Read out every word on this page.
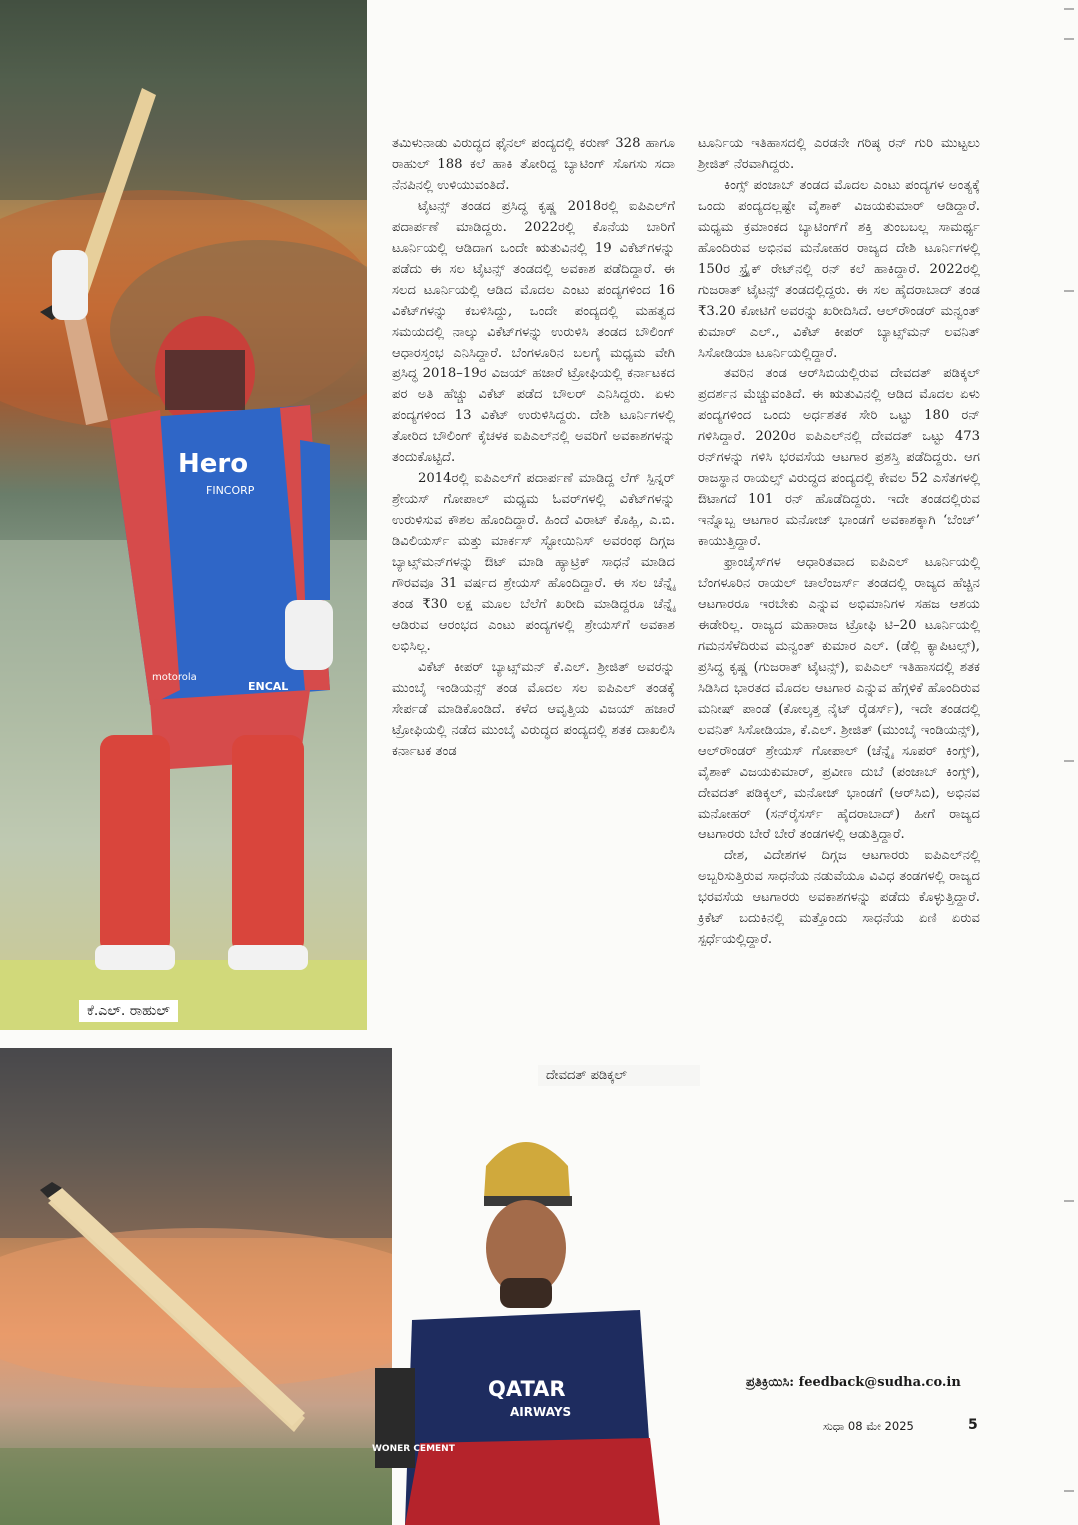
Hero
FINCORP
motorola
ENCAL
ಕೆ.ಎಲ್. ರಾಹುಲ್
QATAR
AIRWAYS
WONER CEMENT
ದೇವದತ್ ಪಡಿಕ್ಕಲ್

ತಮಿಳುನಾಡು ವಿರುದ್ಧದ ಫೈನಲ್ ಪಂದ್ಯದಲ್ಲಿ ಕರುಣ್ 328 ಹಾಗೂ ರಾಹುಲ್ 188 ಕಲೆ ಹಾಕಿ ತೋರಿದ್ದ ಬ್ಯಾಟಿಂಗ್ ಸೊಗಸು ಸದಾ ನೆನಪಿನಲ್ಲಿ ಉಳಿಯುವಂತಿದೆ.

ಟೈಟನ್ಸ್ ತಂಡದ ಪ್ರಸಿದ್ಧ ಕೃಷ್ಣ 2018ರಲ್ಲಿ ಐಪಿಎಲ್‌ಗೆ ಪದಾರ್ಪಣೆ ಮಾಡಿದ್ದರು. 2022ರಲ್ಲಿ ಕೊನೆಯ ಬಾರಿಗೆ ಟೂರ್ನಿಯಲ್ಲಿ ಆಡಿದಾಗ ಒಂದೇ ಋತುವಿನಲ್ಲಿ 19 ವಿಕೆಟ್‌ಗಳನ್ನು ಪಡೆದು ಈ ಸಲ ಟೈಟನ್ಸ್ ತಂಡದಲ್ಲಿ ಅವಕಾಶ ಪಡೆದಿದ್ದಾರೆ. ಈ ಸಲದ ಟೂರ್ನಿಯಲ್ಲಿ ಆಡಿದ ಮೊದಲ ಎಂಟು ಪಂದ್ಯಗಳಿಂದ 16 ವಿಕೆಟ್‌ಗಳನ್ನು ಕಬಳಿಸಿದ್ದು, ಒಂದೇ ಪಂದ್ಯದಲ್ಲಿ ಮಹತ್ವದ ಸಮಯದಲ್ಲಿ ನಾಲ್ಕು ವಿಕೆಟ್‌ಗಳನ್ನು ಉರುಳಿಸಿ ತಂಡದ ಬೌಲಿಂಗ್ ಆಧಾರಸ್ತಂಭ ಎನಿಸಿದ್ದಾರೆ. ಬೆಂಗಳೂರಿನ ಬಲಗೈ ಮಧ್ಯಮ ವೇಗಿ ಪ್ರಸಿದ್ಧ 2018–19ರ ವಿಜಯ್ ಹಜಾರೆ ಟ್ರೋಫಿಯಲ್ಲಿ ಕರ್ನಾಟಕದ ಪರ ಅತಿ ಹೆಚ್ಚು ವಿಕೆಟ್ ಪಡೆದ ಬೌಲರ್ ಎನಿಸಿದ್ದರು. ಏಳು ಪಂದ್ಯಗಳಿಂದ 13 ವಿಕೆಟ್ ಉರುಳಿಸಿದ್ದರು. ದೇಶಿ ಟೂರ್ನಿಗಳಲ್ಲಿ ತೋರಿದ ಬೌಲಿಂಗ್ ಕೈಚಳಕ ಐಪಿಎಲ್‌ನಲ್ಲಿ ಅವರಿಗೆ ಅವಕಾಶಗಳನ್ನು ತಂದುಕೊಟ್ಟಿದೆ.

2014ರಲ್ಲಿ ಐಪಿಎಲ್‌ಗೆ ಪದಾರ್ಪಣೆ ಮಾಡಿದ್ದ ಲೆಗ್ ಸ್ಪಿನ್ನರ್ ಶ್ರೇಯಸ್ ಗೋಪಾಲ್ ಮಧ್ಯಮ ಓವರ್‌ಗಳಲ್ಲಿ ವಿಕೆಟ್‌ಗಳನ್ನು ಉರುಳಿಸುವ ಕೌಶಲ ಹೊಂದಿದ್ದಾರೆ. ಹಿಂದೆ ವಿರಾಟ್ ಕೊಹ್ಲಿ, ಎ.ಬಿ. ಡಿವಿಲಿಯರ್ಸ್ ಮತ್ತು ಮಾರ್ಕಸ್ ಸ್ಟೋಯಿನಿಸ್ ಅವರಂಥ ದಿಗ್ಗಜ ಬ್ಯಾಟ್ಸ್‌ಮನ್‌ಗಳನ್ನು ಔಟ್ ಮಾಡಿ ಹ್ಯಾಟ್ರಿಕ್ ಸಾಧನೆ ಮಾಡಿದ ಗೌರವವೂ 31 ವರ್ಷದ ಶ್ರೇಯಸ್ ಹೊಂದಿದ್ದಾರೆ. ಈ ಸಲ ಚೆನ್ನೈ ತಂಡ ₹30 ಲಕ್ಷ ಮೂಲ ಬೆಲೆಗೆ ಖರೀದಿ ಮಾಡಿದ್ದರೂ ಚೆನ್ನೈ ಆಡಿರುವ ಆರಂಭದ ಎಂಟು ಪಂದ್ಯಗಳಲ್ಲಿ ಶ್ರೇಯಸ್‌ಗೆ ಅವಕಾಶ ಲಭಿಸಿಲ್ಲ.

ವಿಕೆಟ್ ಕೀಪರ್ ಬ್ಯಾಟ್ಸ್‌ಮನ್ ಕೆ.ಎಲ್. ಶ್ರೀಜಿತ್ ಅವರನ್ನು ಮುಂಬೈ ಇಂಡಿಯನ್ಸ್ ತಂಡ ಮೊದಲ ಸಲ ಐಪಿಎಲ್ ತಂಡಕ್ಕೆ ಸೇರ್ಪಡೆ ಮಾಡಿಕೊಂಡಿದೆ. ಕಳೆದ ಆವೃತ್ತಿಯ ವಿಜಯ್ ಹಜಾರೆ ಟ್ರೋಫಿಯಲ್ಲಿ ನಡೆದ ಮುಂಬೈ ವಿರುದ್ಧದ ಪಂದ್ಯದಲ್ಲಿ ಶತಕ ದಾಖಲಿಸಿ ಕರ್ನಾಟಕ ತಂಡ

ಟೂರ್ನಿಯ ಇತಿಹಾಸದಲ್ಲಿ ಎರಡನೇ ಗರಿಷ್ಠ ರನ್ ಗುರಿ ಮುಟ್ಟಲು ಶ್ರೀಜಿತ್ ನೆರವಾಗಿದ್ದರು.

ಕಿಂಗ್ಸ್ ಪಂಜಾಬ್ ತಂಡದ ಮೊದಲ ಎಂಟು ಪಂದ್ಯಗಳ ಅಂತ್ಯಕ್ಕೆ ಒಂದು ಪಂದ್ಯದಲ್ಲಷ್ಟೇ ವೈಶಾಕ್ ವಿಜಯಕುಮಾರ್ ಆಡಿದ್ದಾರೆ. ಮಧ್ಯಮ ಕ್ರಮಾಂಕದ ಬ್ಯಾಟಿಂಗ್‌ಗೆ ಶಕ್ತಿ ತುಂಬಬಲ್ಲ ಸಾಮರ್ಥ್ಯ ಹೊಂದಿರುವ ಅಭಿನವ ಮನೋಹರ ರಾಜ್ಯದ ದೇಶಿ ಟೂರ್ನಿಗಳಲ್ಲಿ 150ರ ಸ್ಟ್ರೈಕ್ ರೇಟ್‌ನಲ್ಲಿ ರನ್ ಕಲೆ ಹಾಕಿದ್ದಾರೆ. 2022ರಲ್ಲಿ ಗುಜರಾತ್ ಟೈಟನ್ಸ್ ತಂಡದಲ್ಲಿದ್ದರು. ಈ ಸಲ ಹೈದರಾಬಾದ್ ತಂಡ ₹3.20 ಕೋಟಿಗೆ ಅವರನ್ನು ಖರೀದಿಸಿದೆ. ಆಲ್‌ರೌಂಡರ್ ಮನ್ವಂತ್ ಕುಮಾರ್ ಎಲ್., ವಿಕೆಟ್ ಕೀಪರ್ ಬ್ಯಾಟ್ಸ್‌ಮನ್ ಲವನಿತ್ ಸಿಸೋಡಿಯಾ ಟೂರ್ನಿಯಲ್ಲಿದ್ದಾರೆ.

ತವರಿನ ತಂಡ ಆರ್‌ಸಿಬಿಯಲ್ಲಿರುವ ದೇವದತ್ ಪಡಿಕ್ಕಲ್ ಪ್ರದರ್ಶನ ಮೆಚ್ಚುವಂತಿದೆ. ಈ ಋತುವಿನಲ್ಲಿ ಆಡಿದ ಮೊದಲ ಏಳು ಪಂದ್ಯಗಳಿಂದ ಒಂದು ಅರ್ಧಶತಕ ಸೇರಿ ಒಟ್ಟು 180 ರನ್ ಗಳಿಸಿದ್ದಾರೆ. 2020ರ ಐಪಿಎಲ್‌ನಲ್ಲಿ ದೇವದತ್ ಒಟ್ಟು 473 ರನ್‌ಗಳನ್ನು ಗಳಿಸಿ ಭರವಸೆಯ ಆಟಗಾರ ಪ್ರಶಸ್ತಿ ಪಡೆದಿದ್ದರು. ಆಗ ರಾಜಸ್ಥಾನ ರಾಯಲ್ಸ್ ವಿರುದ್ಧದ ಪಂದ್ಯದಲ್ಲಿ ಕೇವಲ 52 ಎಸೆತಗಳಲ್ಲಿ ಔಟಾಗದೆ 101 ರನ್ ಹೊಡೆದಿದ್ದರು. ಇದೇ ತಂಡದಲ್ಲಿರುವ ಇನ್ನೊಬ್ಬ ಆಟಗಾರ ಮನೋಜ್ ಭಾಂಡಗೆ ಅವಕಾಶಕ್ಕಾಗಿ ‘ಬೆಂಚ್’ ಕಾಯುತ್ತಿದ್ದಾರೆ.

ಫ್ರಾಂಚೈಸ್‌ಗಳ ಆಧಾರಿತವಾದ ಐಪಿಎಲ್ ಟೂರ್ನಿಯಲ್ಲಿ ಬೆಂಗಳೂರಿನ ರಾಯಲ್ ಚಾಲೆಂಜರ್ಸ್ ತಂಡದಲ್ಲಿ ರಾಜ್ಯದ ಹೆಚ್ಚಿನ ಆಟಗಾರರೂ ಇರಬೇಕು ಎನ್ನುವ ಅಭಿಮಾನಿಗಳ ಸಹಜ ಆಶಯ ಈಡೇರಿಲ್ಲ. ರಾಜ್ಯದ ಮಹಾರಾಜ ಟ್ರೋಫಿ ಟಿ–20 ಟೂರ್ನಿಯಲ್ಲಿ ಗಮನಸೆಳೆದಿರುವ ಮನ್ವಂತ್ ಕುಮಾರ ಎಲ್. (ಡೆಲ್ಲಿ ಕ್ಯಾಪಿಟಲ್ಸ್), ಪ್ರಸಿದ್ಧ ಕೃಷ್ಣ (ಗುಜರಾತ್ ಟೈಟನ್ಸ್), ಐಪಿಎಲ್ ಇತಿಹಾಸದಲ್ಲಿ ಶತಕ ಸಿಡಿಸಿದ ಭಾರತದ ಮೊದಲ ಆಟಗಾರ ಎನ್ನುವ ಹೆಗ್ಗಳಿಕೆ ಹೊಂದಿರುವ ಮನೀಷ್ ಪಾಂಡೆ (ಕೋಲ್ಕತ್ತ ನೈಟ್ ರೈಡರ್ಸ್), ಇದೇ ತಂಡದಲ್ಲಿ ಲವನಿತ್ ಸಿಸೋಡಿಯಾ, ಕೆ.ಎಲ್. ಶ್ರೀಜಿತ್ (ಮುಂಬೈ ಇಂಡಿಯನ್ಸ್), ಆಲ್‌ರೌಂಡರ್ ಶ್ರೇಯಸ್ ಗೋಪಾಲ್ (ಚೆನ್ನೈ ಸೂಪರ್ ಕಿಂಗ್ಸ್), ವೈಶಾಕ್ ವಿಜಯಕುಮಾರ್, ಪ್ರವೀಣ ದುಬೆ (ಪಂಜಾಬ್ ಕಿಂಗ್ಸ್), ದೇವದತ್ ಪಡಿಕ್ಕಲ್, ಮನೋಜ್ ಭಾಂಡಗೆ (ಆರ್‌ಸಿಬಿ), ಅಭಿನವ ಮನೋಹರ್ (ಸನ್‌ರೈಸರ್ಸ್ ಹೈದರಾಬಾದ್) ಹೀಗೆ ರಾಜ್ಯದ ಆಟಗಾರರು ಬೇರೆ ಬೇರೆ ತಂಡಗಳಲ್ಲಿ ಆಡುತ್ತಿದ್ದಾರೆ.

ದೇಶ, ವಿದೇಶಗಳ ದಿಗ್ಗಜ ಆಟಗಾರರು ಐಪಿಎಲ್‌ನಲ್ಲಿ ಅಬ್ಬರಿಸುತ್ತಿರುವ ಸಾಧನೆಯ ನಡುವೆಯೂ ವಿವಿಧ ತಂಡಗಳಲ್ಲಿ ರಾಜ್ಯದ ಭರವಸೆಯ ಆಟಗಾರರು ಅವಕಾಶಗಳನ್ನು ಪಡೆದು ಕೊಳ್ಳುತ್ತಿದ್ದಾರೆ. ಕ್ರಿಕೆಟ್ ಬದುಕಿನಲ್ಲಿ ಮತ್ತೊಂದು ಸಾಧನೆಯ ಏಣಿ ಏರುವ ಸ್ಪರ್ಧೆಯಲ್ಲಿದ್ದಾರೆ.

ಪ್ರತಿಕ್ರಿಯಿಸಿ: feedback@sudha.co.in
ಸುಧಾ 08 ಮೇ 2025	5
